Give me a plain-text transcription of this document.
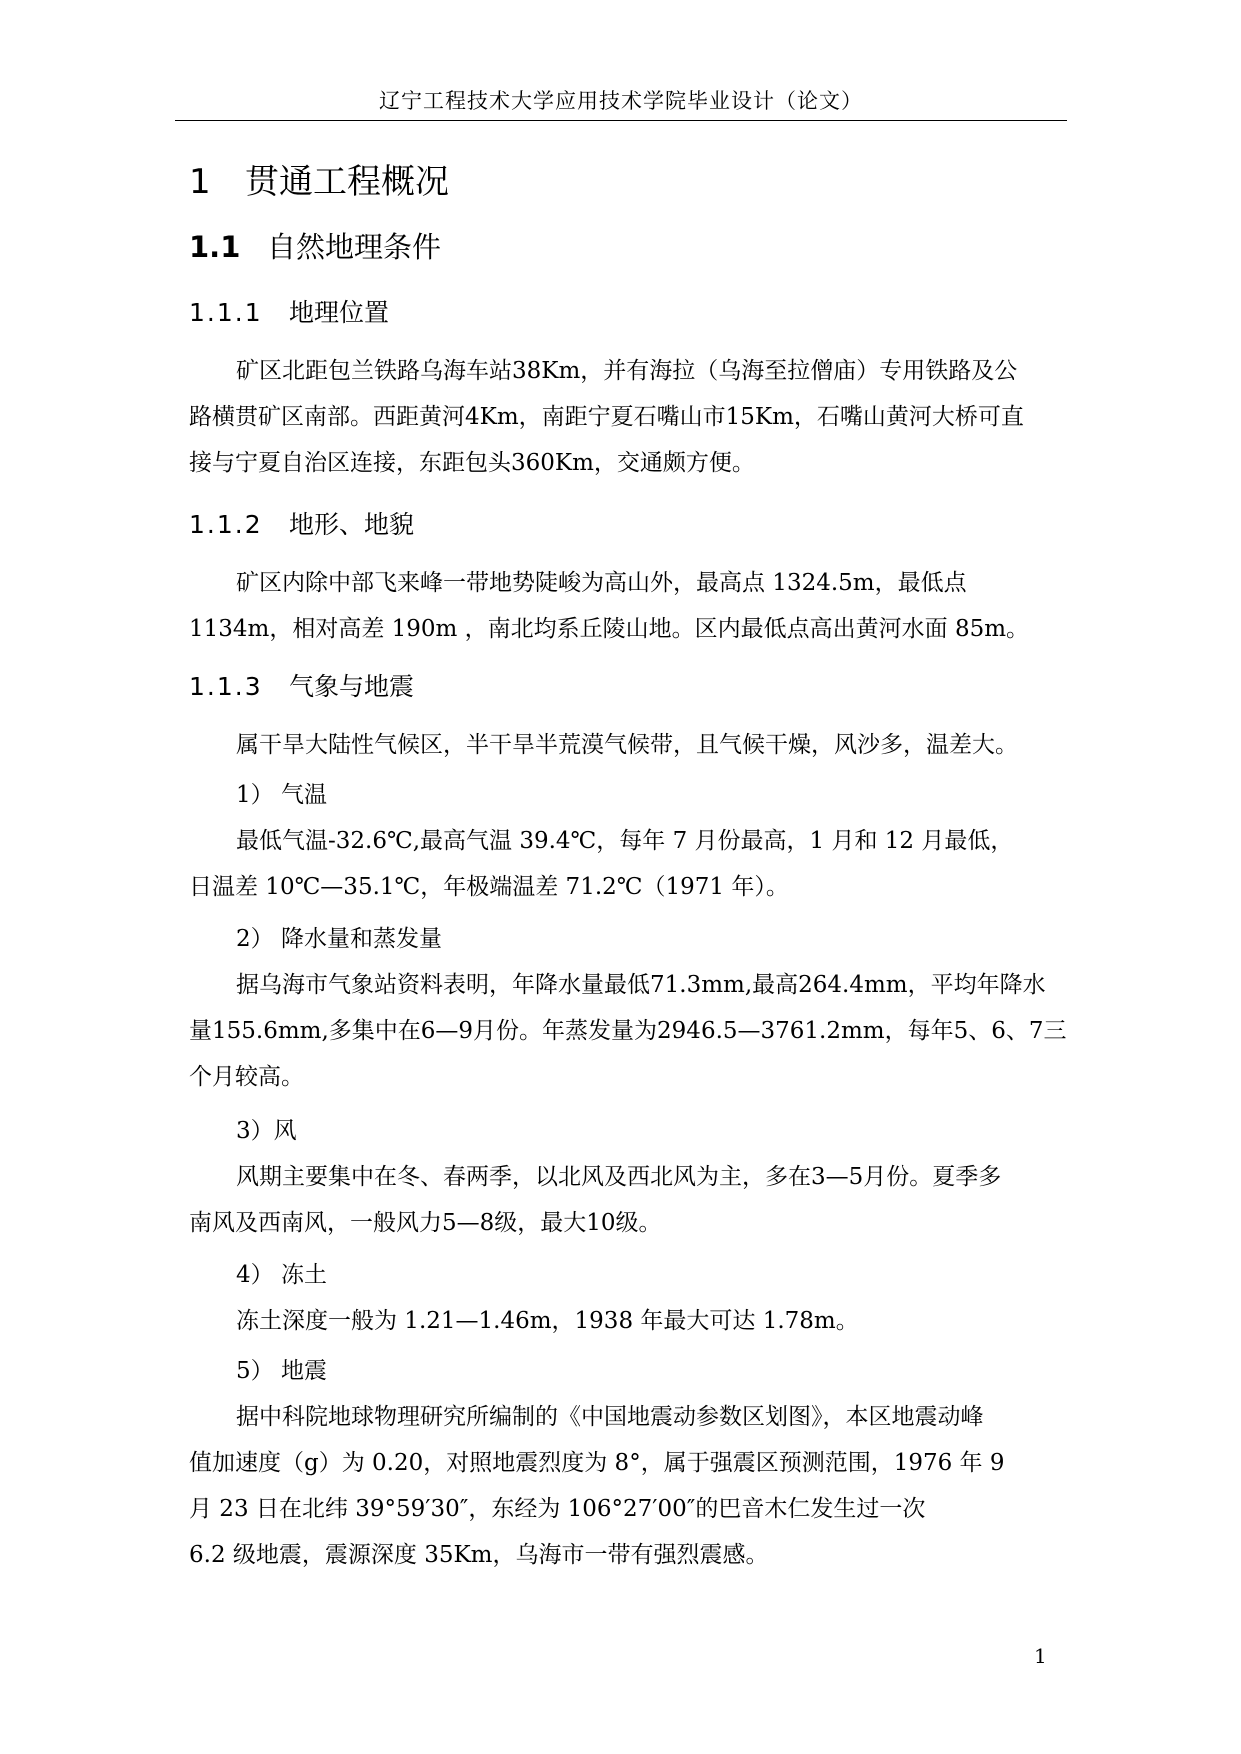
辽宁工程技术大学应用技术学院毕业设计（论文）
1 贯通工程概况
1.1 自然地理条件
1.1.1 地理位置
矿区北距包兰铁路乌海车站38Km，并有海拉（乌海至拉僧庙）专用铁路及公
路横贯矿区南部。西距黄河4Km，南距宁夏石嘴山市15Km，石嘴山黄河大桥可直
接与宁夏自治区连接，东距包头360Km，交通颇方便。
1.1.2 地形、地貌
矿区内除中部飞来峰一带地势陡峻为高山外，最高点 1324.5m，最低点
1134m，相对高差 190m ，南北均系丘陵山地。区内最低点高出黄河水面 85m。
1.1.3 气象与地震
属干旱大陆性气候区，半干旱半荒漠气候带，且气候干燥，风沙多，温差大。
1） 气温
最低气温-32.6℃,最高气温 39.4℃，每年 7 月份最高，1 月和 12 月最低，
日温差 10℃—35.1℃，年极端温差 71.2℃（1971 年）。
2） 降水量和蒸发量
据乌海市气象站资料表明，年降水量最低71.3mm,最高264.4mm，平均年降水
量155.6mm,多集中在6—9月份。年蒸发量为2946.5—3761.2mm，每年5、6、7三
个月较高。
3）风
风期主要集中在冬、春两季，以北风及西北风为主，多在3—5月份。夏季多
南风及西南风，一般风力5—8级，最大10级。
4） 冻土
冻土深度一般为 1.21—1.46m，1938 年最大可达 1.78m。
5） 地震
据中科院地球物理研究所编制的《中国地震动参数区划图》，本区地震动峰
值加速度（g）为 0.20，对照地震烈度为 8°，属于强震区预测范围，1976 年 9
月 23 日在北纬 39°59′30″，东经为 106°27′00″的巴音木仁发生过一次
6.2 级地震，震源深度 35Km，乌海市一带有强烈震感。
1
